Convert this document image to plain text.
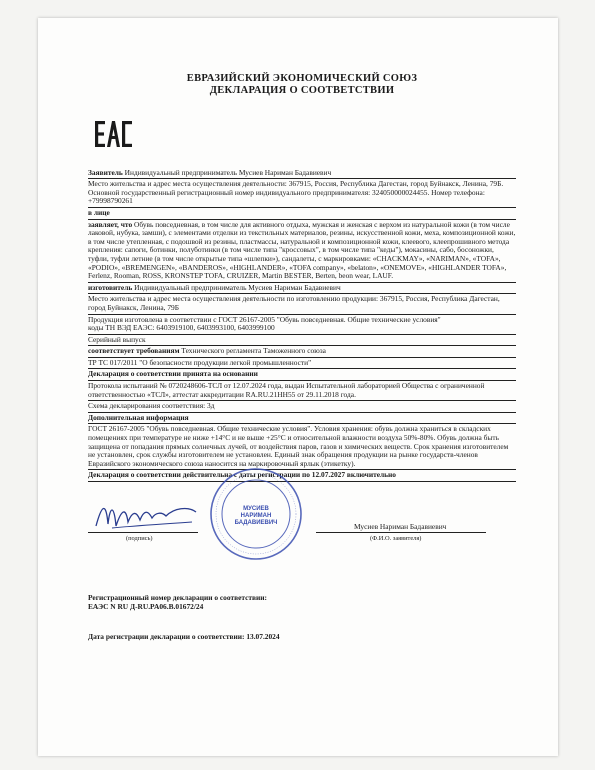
ЕВРАЗИЙСКИЙ ЭКОНОМИЧЕСКИЙ СОЮЗ
ДЕКЛАРАЦИЯ О СООТВЕТСТВИИ
Заявитель Индивидуальный предприниматель Мусиев Нариман Бадавиевич
Место жительства и адрес места осуществления деятельности: 367915, Россия, Республика Дагестан, город Буйнакск, Ленина, 79Б. Основной государственный регистрационный номер индивидуального предпринимателя: 324050000024455. Номер телефона: +79998790261
в лице
заявляет, что Обувь повседневная, в том числе для активного отдыха, мужская и женская с верхом из натуральной кожи (в том числе лаковой, нубука, замши), с элементами отделки из текстильных материалов, резины, искусственной кожи, меха, композиционной кожи, в том числе утепленная, с подошвой из резины, пластмассы, натуральной и композиционной кожи, клеевого, клеепрошивного метода крепления: сапоги, ботинки, полуботинки (в том числе типа "кроссовых", в том числе типа "кеды"), мокасины, сабо, босоножки, туфли, туфли летние (в том числе открытые типа «шлепки»), сандалеты, с маркировками: «CHACKMAY», «NARIMAN», «TOFA», «PODIO», «BREMENGEN», «BANDEROS», «HIGHLANDER», «TOFA company», «belaton», «ONEMOVE», «HIGHLANDER TOFA», Ferlenz, Rooman, ROSS, KRONSTEP TOFA, CRUIZER, Martin BESTER, Berten, beon wear, LAUF.
изготовитель Индивидуальный предприниматель Мусиев Нариман Бадавиевич
Место жительства и адрес места осуществления деятельности по изготовлению продукции: 367915, Россия, Республика Дагестан, город Буйнакск, Ленина, 79Б

Продукция изготовлена в соответствии с ГОСТ 26167-2005 "Обувь повседневная. Общие технические условия"

коды ТН ВЭД ЕАЭС: 6403919100, 6403993100, 6403999100

Серийный выпуск
соответствует требованиям Технического регламента Таможенного союза
ТР ТС 017/2011 "О безопасности продукции легкой промышленности"
Декларация о соответствии принята на основании
Протокола испытаний № 0720248606-ТСЛ от 12.07.2024 года, выдан Испытательной лабораторией Общества с ограниченной ответственностью «ТСЛ», аттестат аккредитации RA.RU.21HH55 от 29.11.2018 года.
Схема декларирования соответствия: 3д
Дополнительная информация
ГОСТ 26167-2005 "Обувь повседневная. Общие технические условия". Условия хранения: обувь должна храниться в складских помещениях при температуре не ниже +14°С и не выше +25°С и относительной влажности воздуха 50%-80%. Обувь должна быть защищена от попадания прямых солнечных лучей, от воздействия паров, газов и химических веществ. Срок хранения изготовителем не установлен, срок службы изготовителем не установлен. Единый знак обращения продукции на рынке государств-членов Евразийского экономического союза наносится на маркировочный ярлык (этикетку).
Декларация о соответствии действительна с даты регистрации по 12.07.2027 включительно
(подпись)
МУСИЕВ
НАРИМАН
БАДАВИЕВИЧ	Мусиев Нариман Бадавиевич
(Ф.И.О. заявителя)

Регистрационный номер декларации о соответствии:

ЕАЭС N RU Д-RU.PA06.B.01672/24

Дата регистрации декларации о соответствии: 13.07.2024
